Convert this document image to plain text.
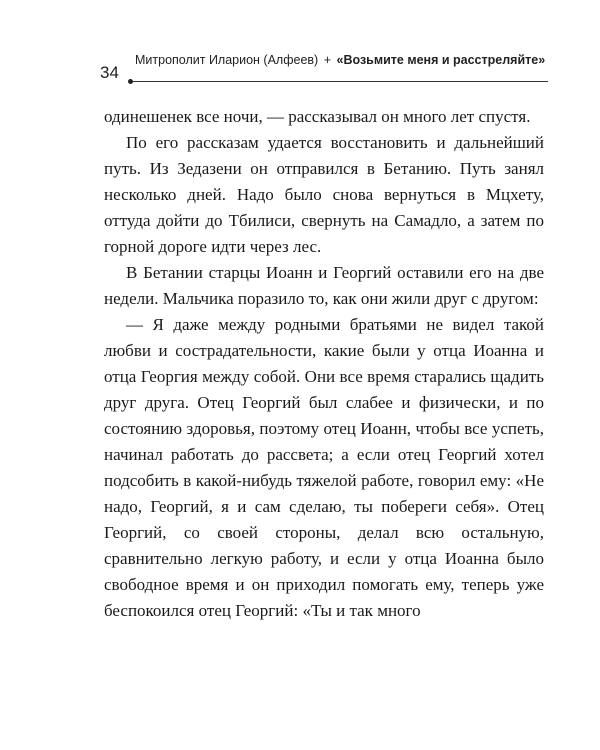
34
Митрополит Иларион (Алфеев) + «Возьмите меня и расстреляйте»

одинешенек все ночи, — рассказывал он много лет спустя.

По его рассказам удается восстановить и дальнейший путь. Из Зедазени он отправился в Бетанию. Путь занял несколько дней. Надо было снова вернуться в Мцхету, оттуда дойти до Тбилиси, свернуть на Самадло, а затем по горной дороге идти через лес.

В Бетании старцы Иоанн и Георгий оставили его на две недели. Мальчика поразило то, как они жили друг с другом:

— Я даже между родными братьями не видел такой любви и сострадательности, какие были у отца Иоанна и отца Георгия между собой. Они все время старались щадить друг друга. Отец Георгий был слабее и физически, и по состоянию здоровья, поэтому отец Иоанн, чтобы все успеть, начинал работать до рассвета; а если отец Георгий хотел подсобить в какой-нибудь тяжелой работе, говорил ему: «Не надо, Георгий, я и сам сделаю, ты побереги себя». Отец Георгий, со своей стороны, делал всю остальную, сравнительно легкую работу, и если у отца Иоанна было свободное время и он приходил помогать ему, теперь уже беспокоился отец Георгий: «Ты и так много
